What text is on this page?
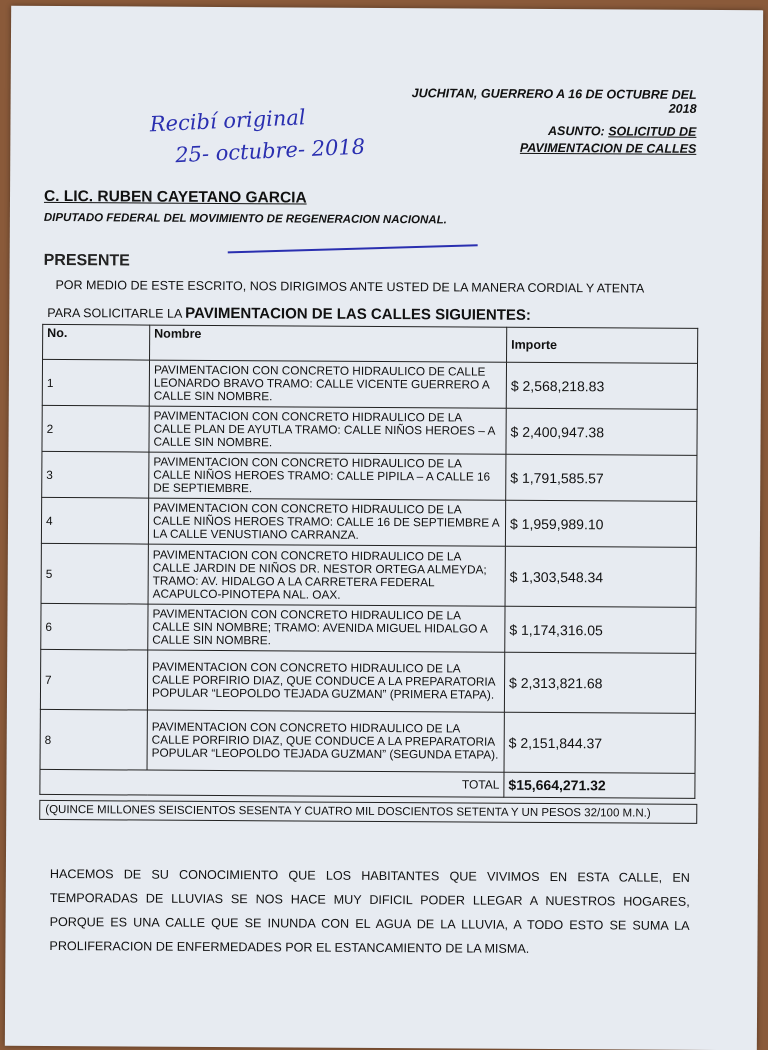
JUCHITAN, GUERRERO A 16 DE OCTUBRE DEL 2018
ASUNTO: SOLICITUD DE
PAVIMENTACION DE CALLES
Recibí original
25- octubre- 2018
C. LIC. RUBEN CAYETANO GARCIA
DIPUTADO FEDERAL DEL MOVIMIENTO DE REGENERACION NACIONAL.
PRESENTE
POR MEDIO DE ESTE ESCRITO, NOS DIRIGIMOS ANTE USTED DE LA MANERA CORDIAL Y ATENTA
PARA SOLICITARLE LA PAVIMENTACION DE LAS CALLES SIGUIENTES:
No.	Nombre	Importe
1	PAVIMENTACION CON CONCRETO HIDRAULICO DE CALLE LEONARDO BRAVO TRAMO: CALLE VICENTE GUERRERO A CALLE SIN NOMBRE.	$ 2,568,218.83
2	PAVIMENTACION CON CONCRETO HIDRAULICO DE LA CALLE PLAN DE AYUTLA TRAMO: CALLE NIÑOS HEROES – A CALLE SIN NOMBRE.	$ 2,400,947.38
3	PAVIMENTACION CON CONCRETO HIDRAULICO DE LA CALLE NIÑOS HEROES TRAMO: CALLE PIPILA – A CALLE 16 DE SEPTIEMBRE.	$ 1,791,585.57
4	PAVIMENTACION CON CONCRETO HIDRAULICO DE LA CALLE NIÑOS HEROES TRAMO: CALLE 16 DE SEPTIEMBRE A LA CALLE VENUSTIANO CARRANZA.	$ 1,959,989.10
5	PAVIMENTACION CON CONCRETO HIDRAULICO DE LA CALLE JARDIN DE NIÑOS DR. NESTOR ORTEGA ALMEYDA; TRAMO: AV. HIDALGO A LA CARRETERA FEDERAL ACAPULCO-PINOTEPA NAL. OAX.	$ 1,303,548.34
6	PAVIMENTACION CON CONCRETO HIDRAULICO DE LA CALLE SIN NOMBRE; TRAMO: AVENIDA MIGUEL HIDALGO A CALLE SIN NOMBRE.	$ 1,174,316.05
7	PAVIMENTACION CON CONCRETO HIDRAULICO DE LA CALLE PORFIRIO DIAZ, QUE CONDUCE A LA PREPARATORIA POPULAR “LEOPOLDO TEJADA GUZMAN” (PRIMERA ETAPA).	$ 2,313,821.68
8	PAVIMENTACION CON CONCRETO HIDRAULICO DE LA CALLE PORFIRIO DIAZ, QUE CONDUCE A LA PREPARATORIA POPULAR “LEOPOLDO TEJADA GUZMAN” (SEGUNDA ETAPA).	$ 2,151,844.37
TOTAL		$15,664,271.32
(QUINCE MILLONES SEISCIENTOS SESENTA Y CUATRO MIL DOSCIENTOS SETENTA Y UN PESOS 32/100 M.N.)
HACEMOS DE SU CONOCIMIENTO QUE LOS HABITANTES QUE VIVIMOS EN ESTA CALLE, EN TEMPORADAS DE LLUVIAS SE NOS HACE MUY DIFICIL PODER LLEGAR A NUESTROS HOGARES, PORQUE ES UNA CALLE QUE SE INUNDA CON EL AGUA DE LA LLUVIA, A TODO ESTO SE SUMA LA PROLIFERACION DE ENFERMEDADES POR EL ESTANCAMIENTO DE LA MISMA.
